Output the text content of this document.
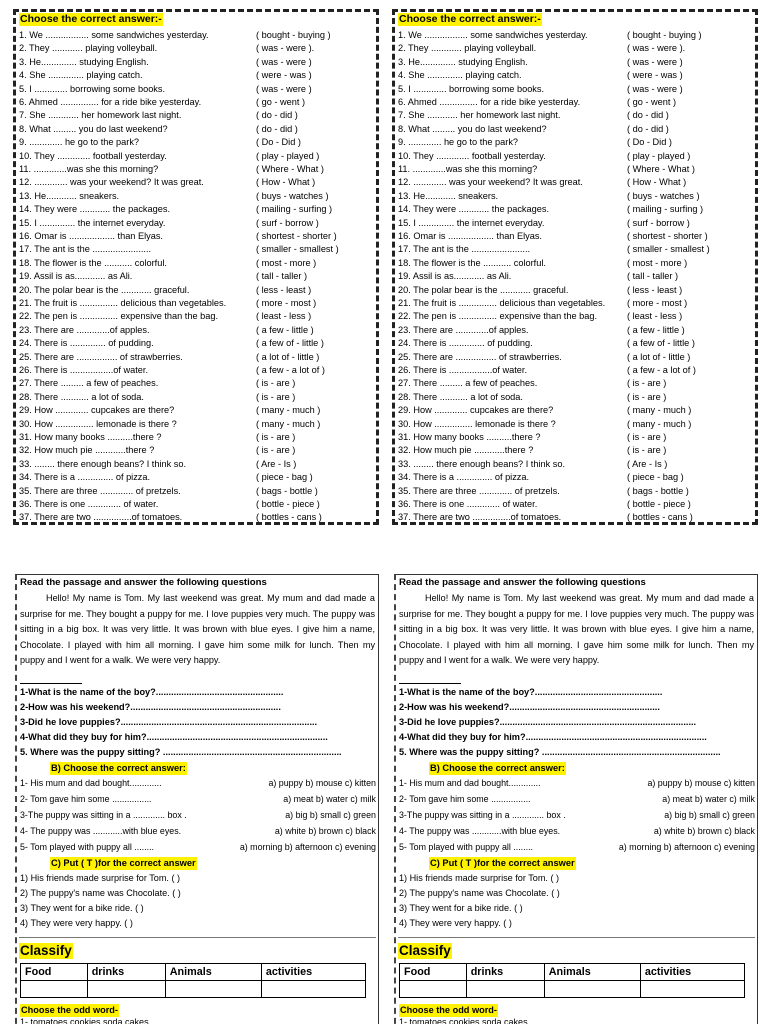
Choose the correct answer:-
1. We ................. some sandwiches yesterday.	( bought - buying )
2. They ............ playing volleyball.	( was - were ).
3. He.............. studying English.	( was - were )
4. She .............. playing catch.	( were - was )
5. I ............. borrowing some books.	( was - were )
6. Ahmed ............... for a ride bike yesterday.	( go - went )
7. She ............ her homework last night.	( do - did )
8. What ......... you do last weekend?	( do - did )
9. ............. he go to the park?	( Do - Did )
10. They ............. football yesterday.	( play - played )
11. .............was she this morning?	( Where - What )
12. ............. was your weekend? It was great.	( How - What )
13. He............ sneakers.	( buys - watches )
14. They were ............ the packages.	( mailing - surfing )
15. I .............. the internet everyday.	( surf - borrow )
16. Omar is .................. than Elyas.	( shortest - shorter )
17. The ant is the .......................	( smaller - smallest )
18. The flower is the ........... colorful.	( most - more )
19. Assil is as............ as Ali.	( tall - taller )
20. The polar bear is the ............ graceful.	( less - least )
21. The fruit is ............... delicious than vegetables.	( more - most )
22. The pen is ............... expensive than the bag.	( least - less )
23. There are .............of apples.	( a few - little )
24. There is .............. of pudding.	( a few of - little )
25. There are ................ of strawberries.	( a lot of - little )
26. There is .................of water.	( a few - a lot of )
27. There ......... a few of peaches.	( is - are )
28. There ........... a lot of soda.	( is - are )
29. How ............. cupcakes are there?	( many - much )
30. How ............... lemonade is there ?	( many - much )
31. How many books ..........there ?	( is - are )
32. How much pie ............there ?	( is - are )
33. ........ there enough beans? I think so.	( Are - Is )
34. There is a .............. of pizza.	( piece - bag )
35. There are three ............. of pretzels.	( bags - bottle )
36. There is one ............. of water.	( bottle - piece )
37. There are two ...............of tomatoes.	( bottles - cans )
Choose the correct answer:-
1. We ................. some sandwiches yesterday.	( bought - buying )
2. They ............ playing volleyball.	( was - were ).
3. He.............. studying English.	( was - were )
4. She .............. playing catch.	( were - was )
5. I ............. borrowing some books.	( was - were )
6. Ahmed ............... for a ride bike yesterday.	( go - went )
7. She ............ her homework last night.	( do - did )
8. What ......... you do last weekend?	( do - did )
9. ............. he go to the park?	( Do - Did )
10. They ............. football yesterday.	( play - played )
11. .............was she this morning?	( Where - What )
12. ............. was your weekend? It was great.	( How - What )
13. He............ sneakers.	( buys - watches )
14. They were ............ the packages.	( mailing - surfing )
15. I .............. the internet everyday.	( surf - borrow )
16. Omar is .................. than Elyas.	( shortest - shorter )
17. The ant is the .......................	( smaller - smallest )
18. The flower is the ........... colorful.	( most - more )
19. Assil is as............ as Ali.	( tall - taller )
20. The polar bear is the ............ graceful.	( less - least )
21. The fruit is ............... delicious than vegetables. ( more - most )
22. The pen is ............... expensive than the bag.	( least - less )
23. There are .............of apples.	( a few - little )
24. There is .............. of pudding.	( a few of - little )
25. There are ................ of strawberries.	( a lot of - little )
26. There is .................of water.	( a few - a lot of )
27. There ......... a few of peaches.	( is - are )
28. There ........... a lot of soda.	( is - are )
29. How ............. cupcakes are there?	( many - much )
30. How ............... lemonade is there ?	( many - much )
31. How many books ..........there ?	( is - are )
32. How much pie ............there ?	( is - are )
33. ........ there enough beans? I think so.	( Are - Is )
34. There is a .............. of pizza.	( piece - bag )
35. There are three ............. of pretzels.	( bags - bottle )
36. There is one ............. of water.	( bottle - piece )
37. There are two ...............of tomatoes.	( bottles - cans )
Read the passage and answer the following questions
Hello! My name is Tom. My last weekend was great. My mum and dad made a surprise for me. They bought a puppy for me. I love puppies very much. The puppy was sitting in a big box. It was very little. It was brown with blue eyes. I give him a name, Chocolate. I played with him all morning. I gave him some milk for lunch. Then my puppy and I went for a walk. We were very happy.
1-What is the name of the boy?..................................................
2-How was his weekend?...........................................................
3-Did he love puppies?.............................................................................
4-What did they buy for him?.......................................................................
5. Where was the puppy sitting? ......................................................................
B) Choose the correct answer:
1- His mum and dad bought.............	a) puppy b) mouse c) kitten
2- Tom gave him some ................	a) meat b) water c) milk
3-The puppy was sitting in a ............. box .	a) big b) small c) green
4- The puppy was ............with blue eyes.	a) white b) brown c) black
5- Tom played with puppy all ........	a) morning b) afternoon c) evening
C) Put ( T )for the correct answer
1) His friends made surprise for Tom. ( )
2) The puppy's name was Chocolate. ( )
3) They went for a bike ride. ( )
4) They were very happy. ( )
Classify
Food	drinks	Animals	activities

Choose the odd word-
1- tomatoes cookies soda cakes
Read the passage and answer the following questions
Hello! My name is Tom. My last weekend was great. My mum and dad made a surprise for me. They bought a puppy for me. I love puppies very much. The puppy was sitting in a big box. It was very little. It was brown with blue eyes. I give him a name, Chocolate. I played with him all morning. I gave him some milk for lunch. Then my puppy and I went for a walk. We were very happy.
1-What is the name of the boy?..................................................
2-How was his weekend?...........................................................
3-Did he love puppies?.............................................................................
4-What did they buy for him?.......................................................................
5. Where was the puppy sitting? ......................................................................
B) Choose the correct answer:
1- His mum and dad bought.............	a) puppy b) mouse c) kitten
2- Tom gave him some ................	a) meat b) water c) milk
3-The puppy was sitting in a ............. box .	a) big b) small c) green
4- The puppy was ............with blue eyes.	a) white b) brown c) black
5- Tom played with puppy all ........	a) morning b) afternoon c) evening
C) Put ( T )for the correct answer
1) His friends made surprise for Tom. ( )
2) The puppy's name was Chocolate. ( )
3) They went for a bike ride. ( )
4) They were very happy. ( )
Classify
Food	drinks	Animals	activities

Choose the odd word-
1- tomatoes cookies soda cakes
